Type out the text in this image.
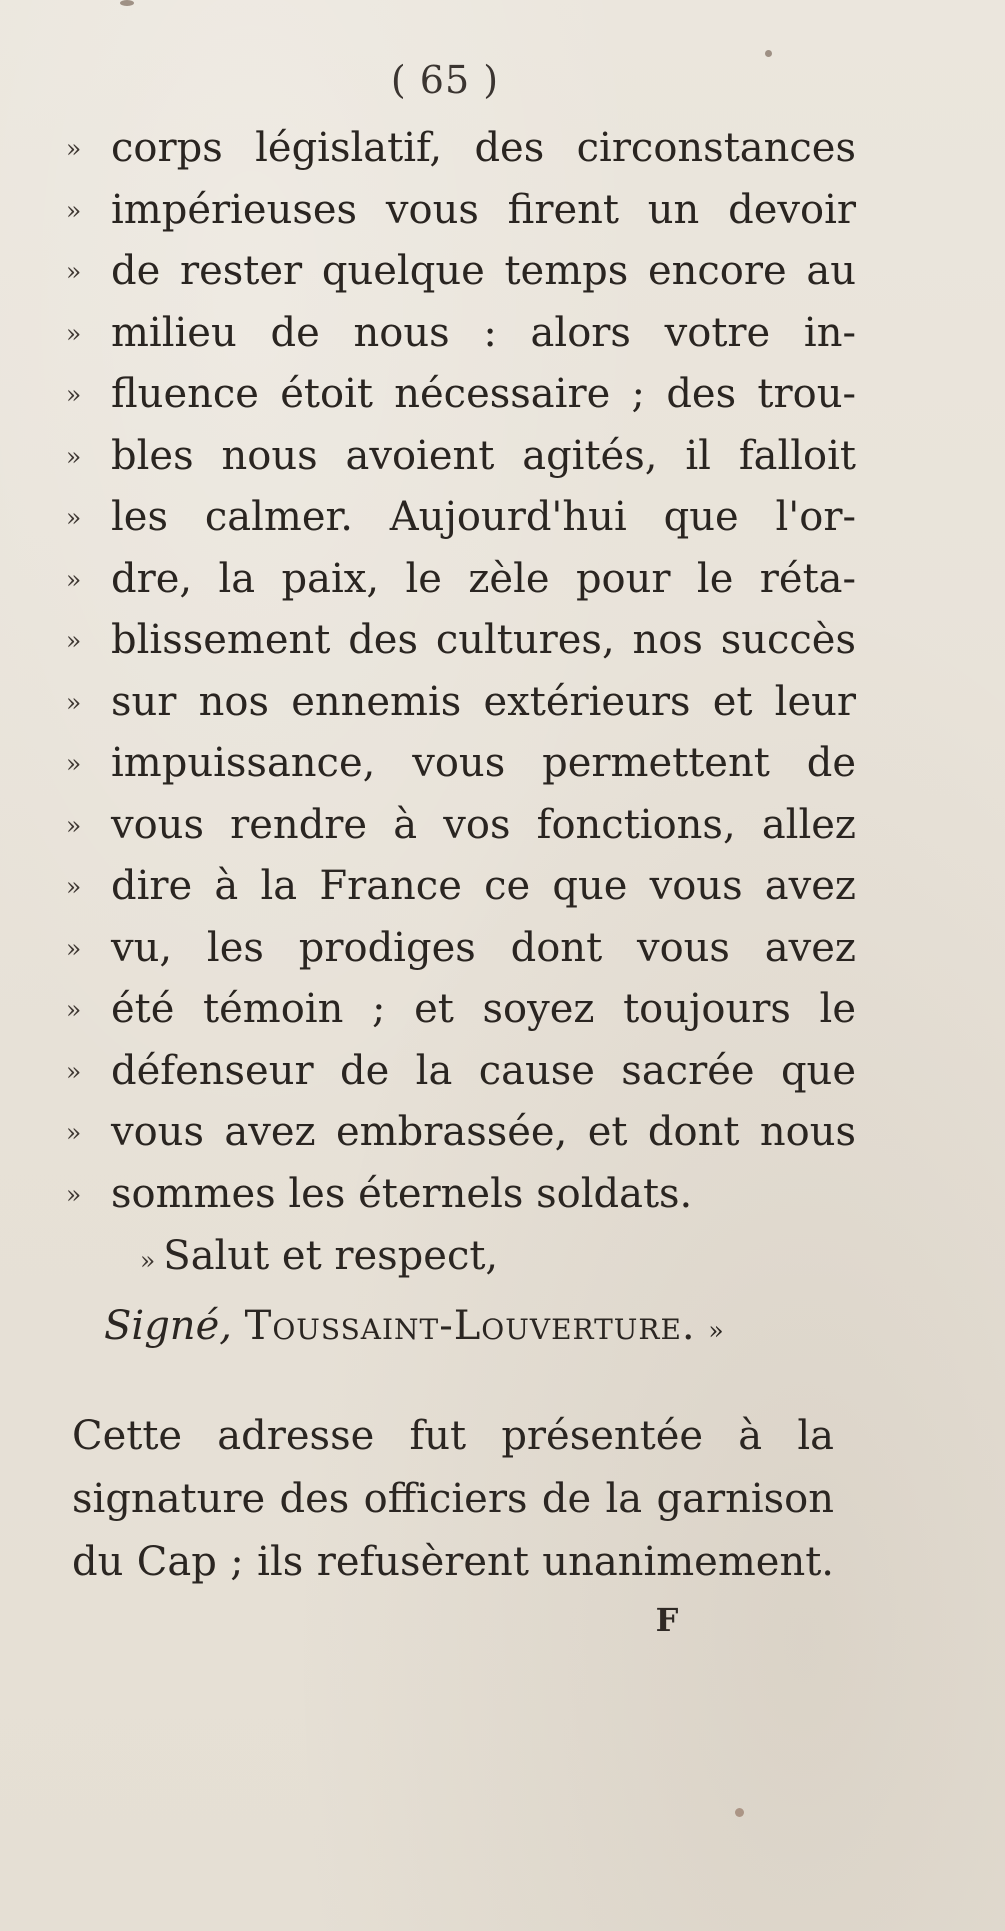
( 65 )
» corps législatif, des circonstances
» impérieuses vous firent un devoir
» de rester quelque temps encore au
» milieu de nous : alors votre in-
» fluence étoit nécessaire ; des trou-
» bles nous avoient agités, il falloit
» les calmer. Aujourd'hui que l'or-
» dre, la paix, le zèle pour le réta-
» blissement des cultures, nos succès
» sur nos ennemis extérieurs et leur
» impuissance, vous permettent de
» vous rendre à vos fonctions, allez
» dire à la France ce que vous avez
» vu, les prodiges dont vous avez
» été témoin ; et soyez toujours le
» défenseur de la cause sacrée que
» vous avez embrassée, et dont nous
» sommes les éternels soldats.
» Salut et respect,
Signé, Toussaint-Louverture. »
Cette adresse fut présentée à la
signature des officiers de la garnison
du Cap ; ils refusèrent unanimement.
F
